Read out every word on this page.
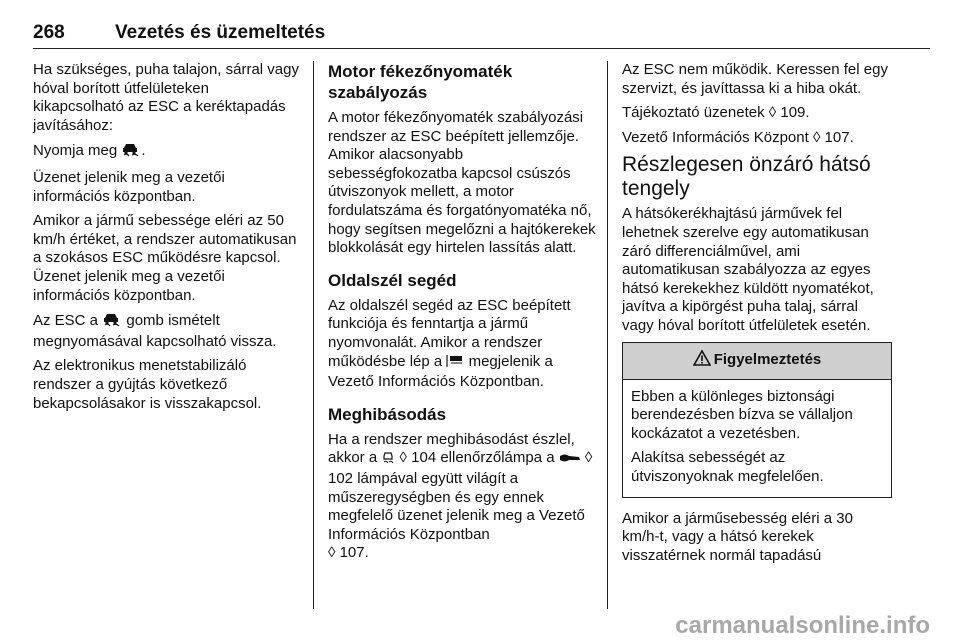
268	Vezetés és üzemeltetés

Ha szükséges, puha talajon, sárral vagy hóval borított útfelületeken kikapcsolható az ESC a keréktapadás javításához:

Nyomja meg .

Üzenet jelenik meg a vezetői információs központban.

Amikor a jármű sebessége eléri az 50 km/h értéket, a rendszer automatikusan a szokásos ESC működésre kapcsol. Üzenet jelenik meg a vezetői információs központban.

Az ESC a gomb ismételt megnyomásával kapcsolható vissza.

Az elektronikus menetstabilizáló rendszer a gyújtás következő bekapcsolásakor is visszakapcsol.

Motor fékezőnyomaték szabályozás

A motor fékezőnyomaték szabályozási rendszer az ESC beépített jellemzője. Amikor alacsonyabb sebességfokozatba kapcsol csúszós útviszonyok mellett, a motor fordulatszáma és forgatónyomatéka nő, hogy segítsen megelőzni a hajtókerekek blokkolását egy hirtelen lassítás alatt.

Oldalszél segéd

Az oldalszél segéd az ESC beépített funkciója és fenntartja a jármű nyomvonalát. Amikor a rendszer működésbe lép a megjelenik a Vezető Információs Központban.

Meghibásodás

Ha a rendszer meghibásodást észlel, akkor a ◊ 104 ellenőrzőlámpa a ◊ 102 lámpával együtt világít a műszeregységben és egy ennek megfelelő üzenet jelenik meg a Vezető Információs Központban
◊ 107.

Az ESC nem működik. Keressen fel egy szervizt, és javíttassa ki a hiba okát.

Tájékoztató üzenetek ◊ 109.

Vezető Információs Központ ◊ 107.

Részlegesen önzáró hátsó tengely

A hátsókerékhajtású járművek fel lehetnek szerelve egy automatikusan záró differenciálművel, ami automatikusan szabályozza az egyes hátsó kerekekhez küldött nyomatékot, javítva a kipörgést puha talaj, sárral vagy hóval borított útfelületek esetén.

Figyelmeztetés

Ebben a különleges biztonsági berendezésben bízva se vállaljon kockázatot a vezetésben.

Alakítsa sebességét az útviszonyoknak megfelelően.

Amikor a járműsebesség eléri a 30 km/h-t, vagy a hátsó kerekek visszatérnek normál tapadású

carmanualsonline.info
